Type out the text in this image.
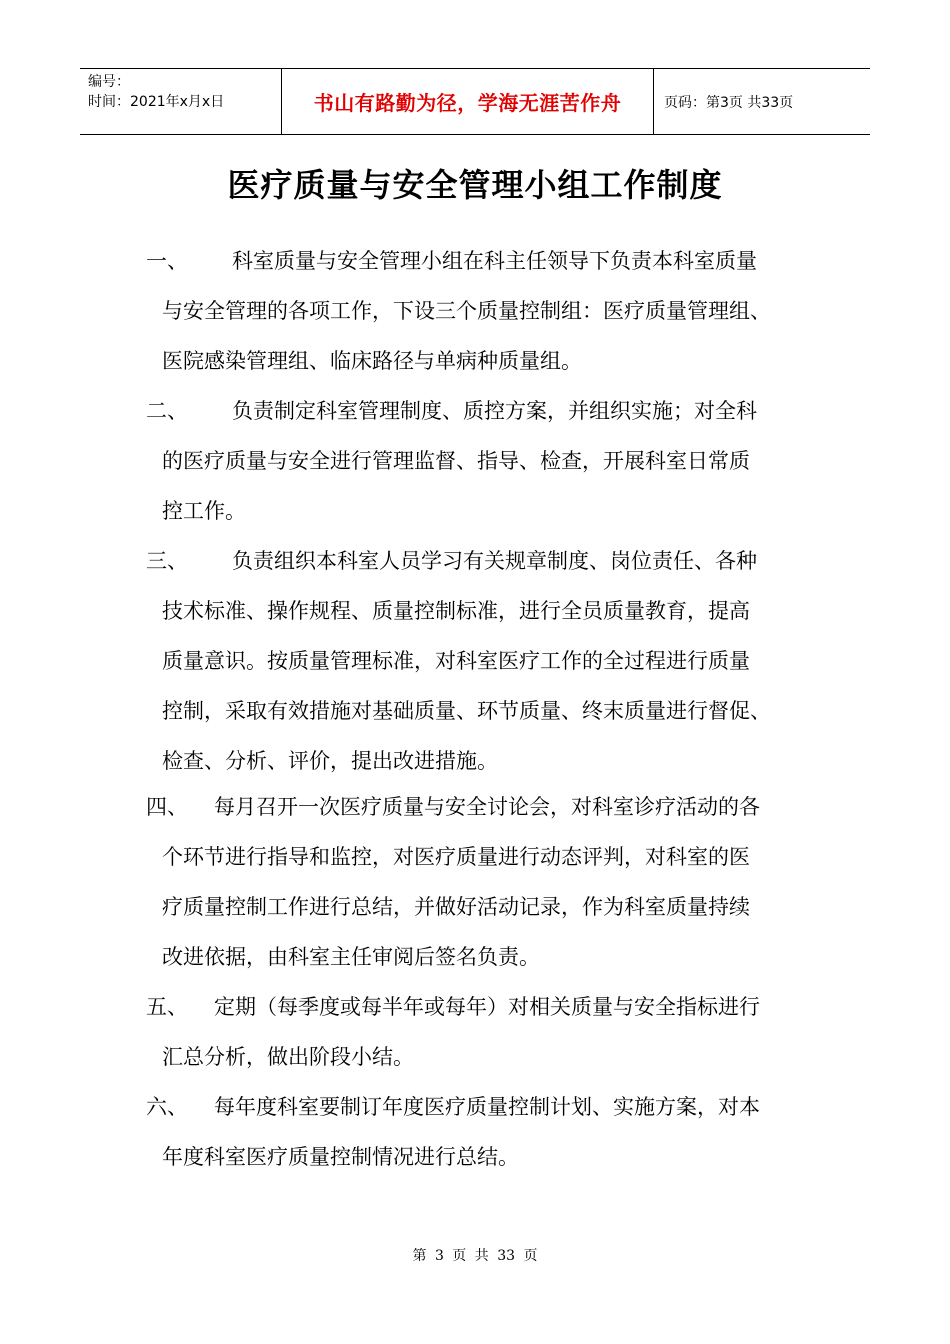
编号：
时间：2021年x月x日	书山有路勤为径，学海无涯苦作舟	页码：第3页 共33页
医疗质量与安全管理小组工作制度
一、 科室质量与安全管理小组在科主任领导下负责本科室质量
与安全管理的各项工作，下设三个质量控制组：医疗质量管理组、
医院感染管理组、临床路径与单病种质量组。
二、 负责制定科室管理制度、质控方案，并组织实施；对全科
的医疗质量与安全进行管理监督、指导、检查，开展科室日常质
控工作。
三、 负责组织本科室人员学习有关规章制度、岗位责任、各种
技术标准、操作规程、质量控制标准，进行全员质量教育，提高
质量意识。按质量管理标准，对科室医疗工作的全过程进行质量
控制，采取有效措施对基础质量、环节质量、终末质量进行督促、
检查、分析、评价，提出改进措施。
四、 每月召开一次医疗质量与安全讨论会，对科室诊疗活动的各
个环节进行指导和监控，对医疗质量进行动态评判，对科室的医
疗质量控制工作进行总结，并做好活动记录，作为科室质量持续
改进依据，由科室主任审阅后签名负责。
五、 定期（每季度或每半年或每年）对相关质量与安全指标进行
汇总分析，做出阶段小结。
六、 每年度科室要制订年度医疗质量控制计划、实施方案，对本
年度科室医疗质量控制情况进行总结。
第 3 页 共 33 页
